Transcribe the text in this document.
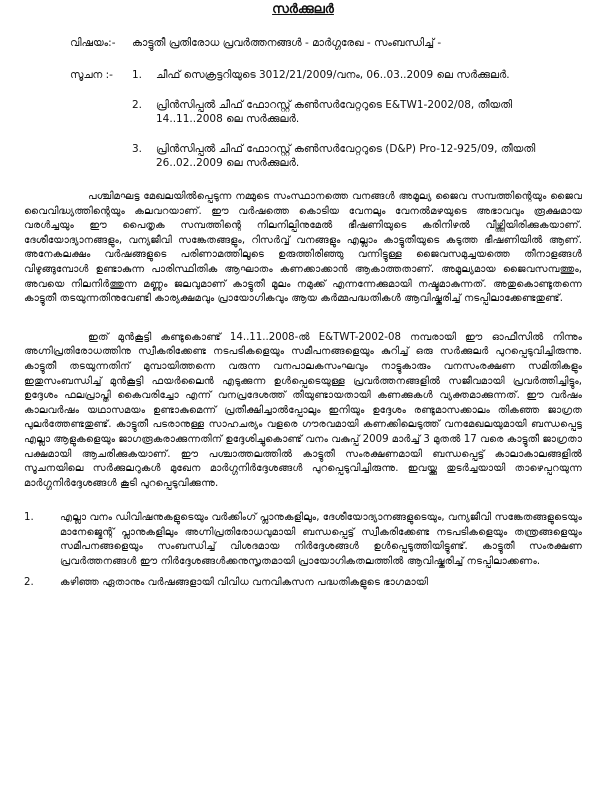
സർക്കുലർ
വിഷയം:-	കാട്ടുതീ പ്രതിരോധ പ്രവർത്തനങ്ങൾ - മാർഗ്ഗരേഖ - സംബന്ധിച്ച് -
സൂചന :-	1.	ചീഫ് സെക്രട്ടറിയുടെ 3012/21/2009/വനം, 06..03..2009 ലെ സർക്കുലർ.
2.	പ്രിൻസിപ്പൽ ചീഫ് ഫോറസ്റ്റ് കൺസർവേറ്ററുടെ E&TW1-2002/08, തീയതി 14..11..2008 ലെ സർക്കുലർ.
3.	പ്രിൻസിപ്പൽ ചീഫ് ഫോറസ്റ്റ് കൺസർവേറ്ററുടെ (D&P) Pro-12-925/09, തീയതി 26..02..2009 ലെ സർക്കുലർ.

പശ്ചിമഘട്ട മേഖലയിൽപ്പെടുന്ന നമ്മുടെ സംസ്ഥാനത്തെ വനങ്ങൾ അമൂല്യ ജൈവ സമ്പത്തിന്റെയും ജൈവ വൈവിദ്ധ്യത്തിന്റെയും കലവറയാണ്. ഈ വർഷത്തെ കൊടിയ വേനലും വേനൽമഴയുടെ അഭാവവും രൂക്ഷമായ വരൾച്ചയും ഈ പൈതൃക സമ്പത്തിന്റെ നിലനില്പിനുമേൽ ഭീഷണിയുടെ കരിനിഴൽ വീഴ്ത്തിയിരിക്കുകയാണ്. ദേശീയോദ്യാനങ്ങളും, വന്യജീവി സങ്കേതങ്ങളും, റിസർവ്വ് വനങ്ങളും എല്ലാം കാട്ടുതീയുടെ കടുത്ത ഭീഷണിയിൽ ആണ്. അനേകലക്ഷം വർഷങ്ങളുടെ പരിണാമത്തിലൂടെ ഉരുത്തിരിഞ്ഞു വന്നിട്ടുള്ള ജൈവസമുച്ചയത്തെ തീനാളങ്ങൾ വിഴുങ്ങുമ്പോൾ ഉണ്ടാകുന്ന പാരിസ്ഥിതിക ആഘാതം കണക്കാക്കാൻ ആകാത്തതാണ്. അമൂല്യമായ ജൈവസമ്പത്തും, അവയെ നിലനിർത്തുന്ന മണ്ണും ജലവുമാണ് കാട്ടുതീ മൂലം നമുക്ക് എന്നന്നേക്കുമായി നഷ്ടമാകുന്നത്. അതുകൊണ്ടുതന്നെ കാട്ടുതീ തടയുന്നതിനുവേണ്ടി കാര്യക്ഷമവും പ്രായോഗികവും ആയ കർമ്മപദ്ധതികൾ ആവിഷ്കരിച്ച് നടപ്പിലാക്കേണ്ടതുണ്ട്.

ഇത് മുൻകൂട്ടി കണ്ടുകൊണ്ട് 14..11..2008-ൽ E&TWT-2002-08 നമ്പരായി ഈ ഓഫീസിൽ നിന്നും അഗ്നിപ്രതിരോധത്തിനു സ്വീകരിക്കേണ്ട നടപടികളെയും സമീപനങ്ങളെയും കുറിച്ച് ഒരു സർക്കുലർ പുറപ്പെടുവിച്ചിരുന്നു. കാട്ടുതീ തടയുന്നതിന് മുമ്പായിത്തന്നെ വരുന്ന വനപാലകസംഘവും നാട്ടുകാരും വനസംരക്ഷണ സമിതികളും ഇതുസംബന്ധിച്ച് മുൻകൂട്ടി ഫയർലൈൻ എടുക്കുന്ന ഉൾപ്പെടെയുള്ള പ്രവർത്തനങ്ങളിൽ സജീവമായി പ്രവർത്തിച്ചിട്ടും, ഉദ്ദേശം ഫലപ്രാപ്തി കൈവരിച്ചോ എന്ന് വനപ്രദേശത്ത് തീയുണ്ടായതായി കണക്കുകൾ വ്യക്തമാക്കുന്നത്. ഈ വർഷം കാലവർഷം യഥാസമയം ഉണ്ടാകുമെന്ന് പ്രതീക്ഷിച്ചാൽപ്പോലും ഇനിയും ഉദ്ദേശം രണ്ടുമാസക്കാലം തികഞ്ഞ ജാഗ്രത പുലർത്തേണ്ടതുണ്ട്. കാട്ടുതീ പടരാനുള്ള സാഹചര്യം വളരെ ഗൗരവമായി കണക്കിലെടുത്ത് വനമേഖലയുമായി ബന്ധപ്പെട്ട എല്ലാ ആളുകളെയും ജാഗരൂകരാക്കുന്നതിന് ഉദ്ദേശിച്ചുകൊണ്ട് വനം വകുപ്പ് 2009 മാർച്ച് 3 മുതൽ 17 വരെ കാട്ടുതീ ജാഗ്രതാ പക്ഷമായി ആചരിക്കുകയാണ്. ഈ പശ്ചാത്തലത്തിൽ കാട്ടുതീ സംരക്ഷണമായി ബന്ധപ്പെട്ട് കാലാകാലങ്ങളിൽ സൂചനയിലെ സർക്കുലറുകൾ മുഖേന മാർഗ്ഗനിർദ്ദേശങ്ങൾ പുറപ്പെടുവിച്ചിരുന്നു. ഇവയ്ക്കു തുടർച്ചയായി താഴെപ്പറയുന്ന മാർഗ്ഗനിർദ്ദേശങ്ങൾ കൂടി പുറപ്പെടുവിക്കുന്നു.

1.	എല്ലാ വനം ഡിവിഷനുകളുടെയും വർക്കിംഗ് പ്ലാനുകളിലും, ദേശീയോദ്യാനങ്ങളുടെയും, വന്യജീവി സങ്കേതങ്ങളുടെയും മാനേജ്മെന്റ് പ്ലാനുകളിലും അഗ്നിപ്രതിരോധവുമായി ബന്ധപ്പെട്ട് സ്വീകരിക്കേണ്ട നടപടികളെയും തന്ത്രങ്ങളെയും സമീപനങ്ങളെയും സംബന്ധിച്ച് വിശദമായ നിർദ്ദേശങ്ങൾ ഉൾപ്പെടുത്തിയിട്ടുണ്ട്. കാട്ടുതീ സംരക്ഷണ പ്രവർത്തനങ്ങൾ ഈ നിർദ്ദേശങ്ങൾക്കനുസൃതമായി പ്രായോഗികതലത്തിൽ ആവിഷ്കരിച്ച് നടപ്പിലാക്കണം.
2.	കഴിഞ്ഞ ഏതാനും വർഷങ്ങളായി വിവിധ വനവികസന പദ്ധതികളുടെ ഭാഗമായി
